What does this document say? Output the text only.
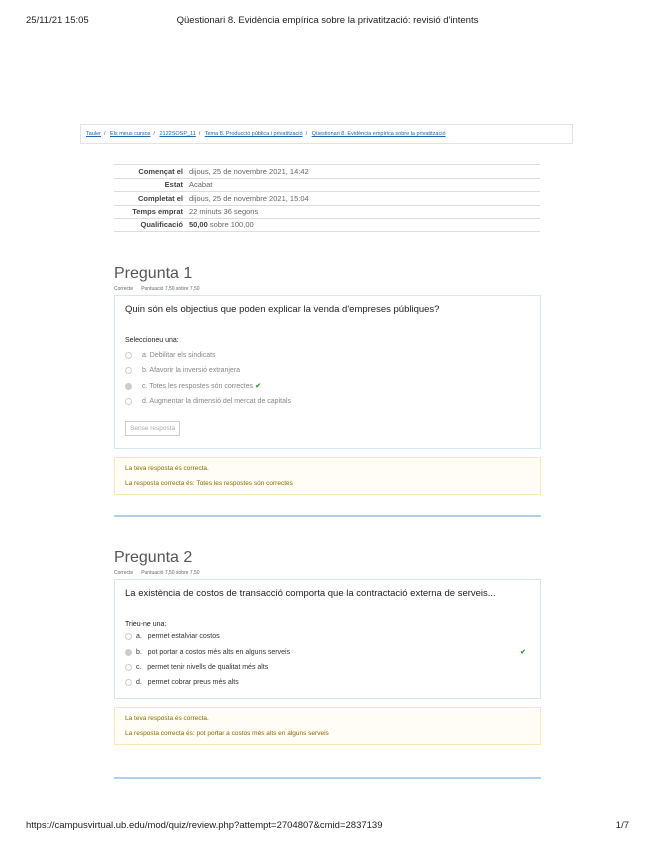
25/11/21 15:05	Qüestionari 8. Evidència empírica sobre la privatització: revisió d'intents
Tauler / Els meus cursos / 2122SOSP_11 / Tema 8. Producció pública i privatització / Qüestionari 8. Evidència empírica sobre la privatització
Començat el dijous, 25 de novembre 2021, 14:42
Estat Acabat
Completat el dijous, 25 de novembre 2021, 15:04
Temps emprat 22 minuts 36 segons
Qualificació 50,00 sobre 100,00
Pregunta 1
Correcte Puntuació 7,50 sobre 7,50
Quin són els objectius que poden explicar la venda d'empreses públiques?
Seleccioneu una:
a. Debilitar els sindicats
b. Afavorir la inversió extranjera
c. Totes les respostes són correctes ✔
d. Augmentar la dimensió del mercat de capitals
Sense resposta
La teva resposta és correcta.
La resposta correcta és: Totes les respostes són correctes
Pregunta 2
Correcte Puntuació 7,50 sobre 7,50
La existència de costos de transacció comporta que la contractació externa de serveis...
Trieu-ne una:
a.   permet estalviar costos
b.   pot portar a costos més alts en alguns serveis	✔
c.   permet tenir nivells de qualitat més alts
d.   permet cobrar preus més alts
La teva resposta és correcta.
La resposta correcta és: pot portar a costos més alts en alguns serveis
https://campusvirtual.ub.edu/mod/quiz/review.php?attempt=2704807&cmid=2837139	1/7
